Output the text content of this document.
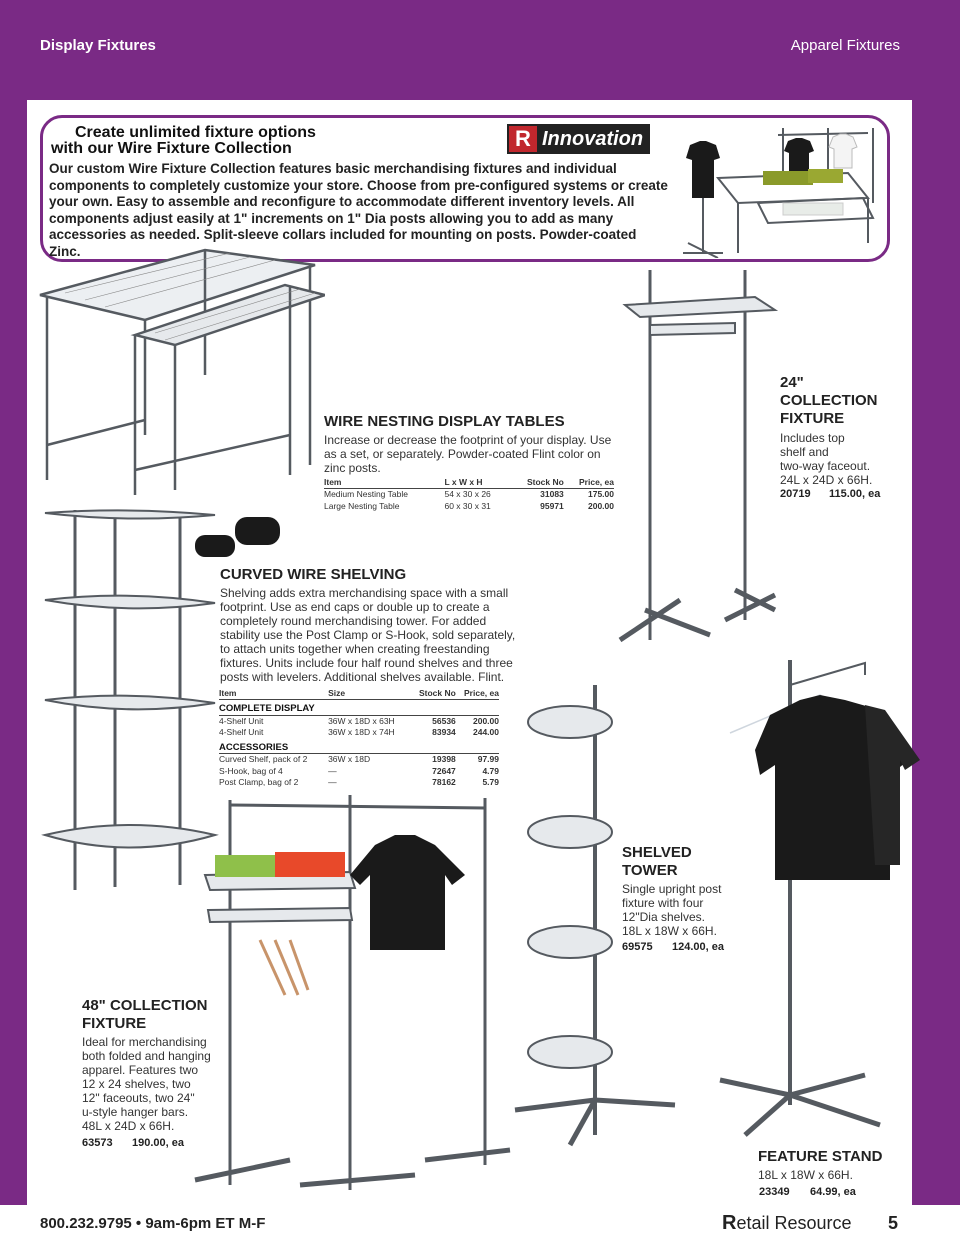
Display Fixtures	Apparel Fixtures
Create unlimited fixture options
with our Wire Fixture Collection
Our custom Wire Fixture Collection features basic merchandising fixtures and individual components to completely customize your store. Choose from pre-configured systems or create your own. Easy to assemble and reconfigure to accommodate different inventory levels. All components adjust easily at 1" increments on 1" Dia posts allowing you to add as many accessories as needed. Split-sleeve collars included for mounting on posts. Powder-coated Zinc.
R Innovation
WIRE NESTING DISPLAY TABLES
Increase or decrease the footprint of your display. Use as a set, or separately. Powder-coated Flint color on zinc posts.
Item	L x W x H	Stock No	Price, ea
Medium Nesting Table	54 x 30 x 26	31083	175.00
Large Nesting Table	60 x 30 x 31	95971	200.00
CURVED WIRE SHELVING
Shelving adds extra merchandising space with a small footprint. Use as end caps or double up to create a completely round merchandising tower. For added stability use the Post Clamp or S-Hook, sold separately, to attach units together when creating freestanding fixtures. Units include four half round shelves and three posts with levelers. Additional shelves available. Flint.
Item	Size	Stock No	Price, ea
COMPLETE DISPLAY			
4-Shelf Unit	36W x 18D x 63H	56536	200.00
4-Shelf Unit	36W x 18D x 74H	83934	244.00
ACCESSORIES			
Curved Shelf, pack of 2	36W x 18D	19398	97.99
S-Hook, bag of 4	—	72647	4.79
Post Clamp, bag of 2	—	78162	5.79
24"
COLLECTION
FIXTURE
Includes top
shelf and
two-way faceout.
24L x 24D x 66H.
20719 115.00, ea
48" COLLECTION
FIXTURE
Ideal for merchandising
both folded and hanging
apparel. Features two
12 x 24 shelves, two
12" faceouts, two 24"
u-style hanger bars.
48L x 24D x 66H.
63573 190.00, ea
SHELVED
TOWER
Single upright post
fixture with four
12"Dia shelves.
18L x 18W x 66H.
69575 124.00, ea
FEATURE STAND
18L x 18W x 66H.
23349 64.99, ea
800.232.9795 • 9am-6pm ET M-F	Retail Resource 5
